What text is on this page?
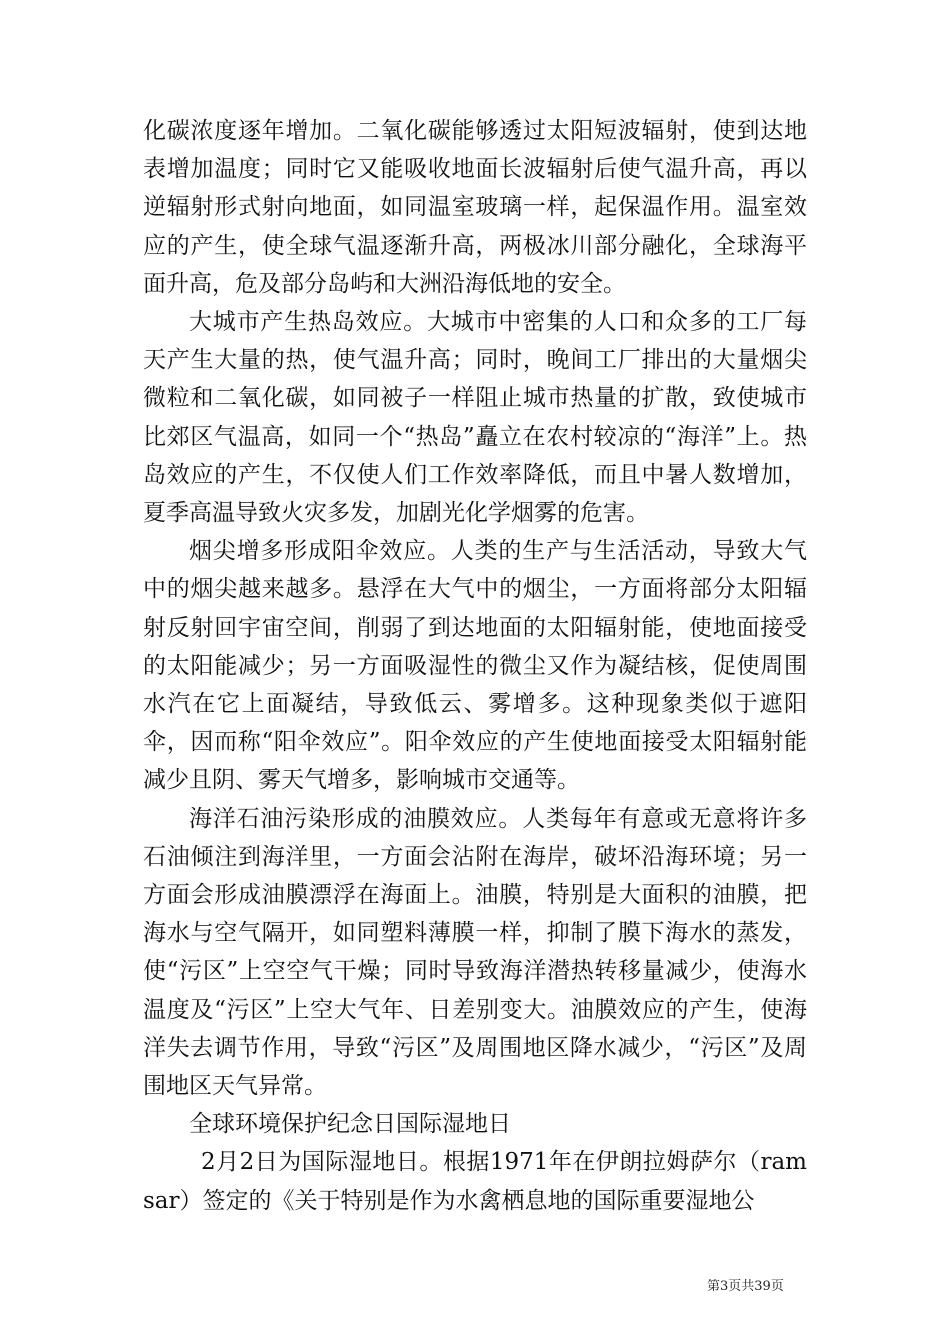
化碳浓度逐年增加。二氧化碳能够透过太阳短波辐射，使到达地表增加温度；同时它又能吸收地面长波辐射后使气温升高，再以逆辐射形式射向地面，如同温室玻璃一样，起保温作用。温室效应的产生，使全球气温逐渐升高，两极冰川部分融化，全球海平面升高，危及部分岛屿和大洲沿海低地的安全。

大城市产生热岛效应。大城市中密集的人口和众多的工厂每天产生大量的热，使气温升高；同时，晚间工厂排出的大量烟尖微粒和二氧化碳，如同被子一样阻止城市热量的扩散，致使城市比郊区气温高，如同一个“热岛”矗立在农村较凉的“海洋”上。热岛效应的产生，不仅使人们工作效率降低，而且中暑人数增加，夏季高温导致火灾多发，加剧光化学烟雾的危害。

烟尖增多形成阳伞效应。人类的生产与生活活动，导致大气中的烟尖越来越多。悬浮在大气中的烟尘，一方面将部分太阳辐射反射回宇宙空间，削弱了到达地面的太阳辐射能，使地面接受的太阳能减少；另一方面吸湿性的微尘又作为凝结核，促使周围水汽在它上面凝结，导致低云、雾增多。这种现象类似于遮阳伞，因而称“阳伞效应”。阳伞效应的产生使地面接受太阳辐射能减少且阴、雾天气增多，影响城市交通等。

海洋石油污染形成的油膜效应。人类每年有意或无意将许多石油倾注到海洋里，一方面会沾附在海岸，破坏沿海环境；另一方面会形成油膜漂浮在海面上。油膜，特别是大面积的油膜，把海水与空气隔开，如同塑料薄膜一样，抑制了膜下海水的蒸发，使“污区”上空空气干燥；同时导致海洋潜热转移量减少，使海水温度及“污区”上空大气年、日差别变大。油膜效应的产生，使海洋失去调节作用，导致“污区”及周围地区降水减少，“污区”及周围地区天气异常。

全球环境保护纪念日国际湿地日

2月2日为国际湿地日。根据1971年在伊朗拉姆萨尔（ramsar）签定的《关于特别是作为水禽栖息地的国际重要湿地公

第3页共39页
